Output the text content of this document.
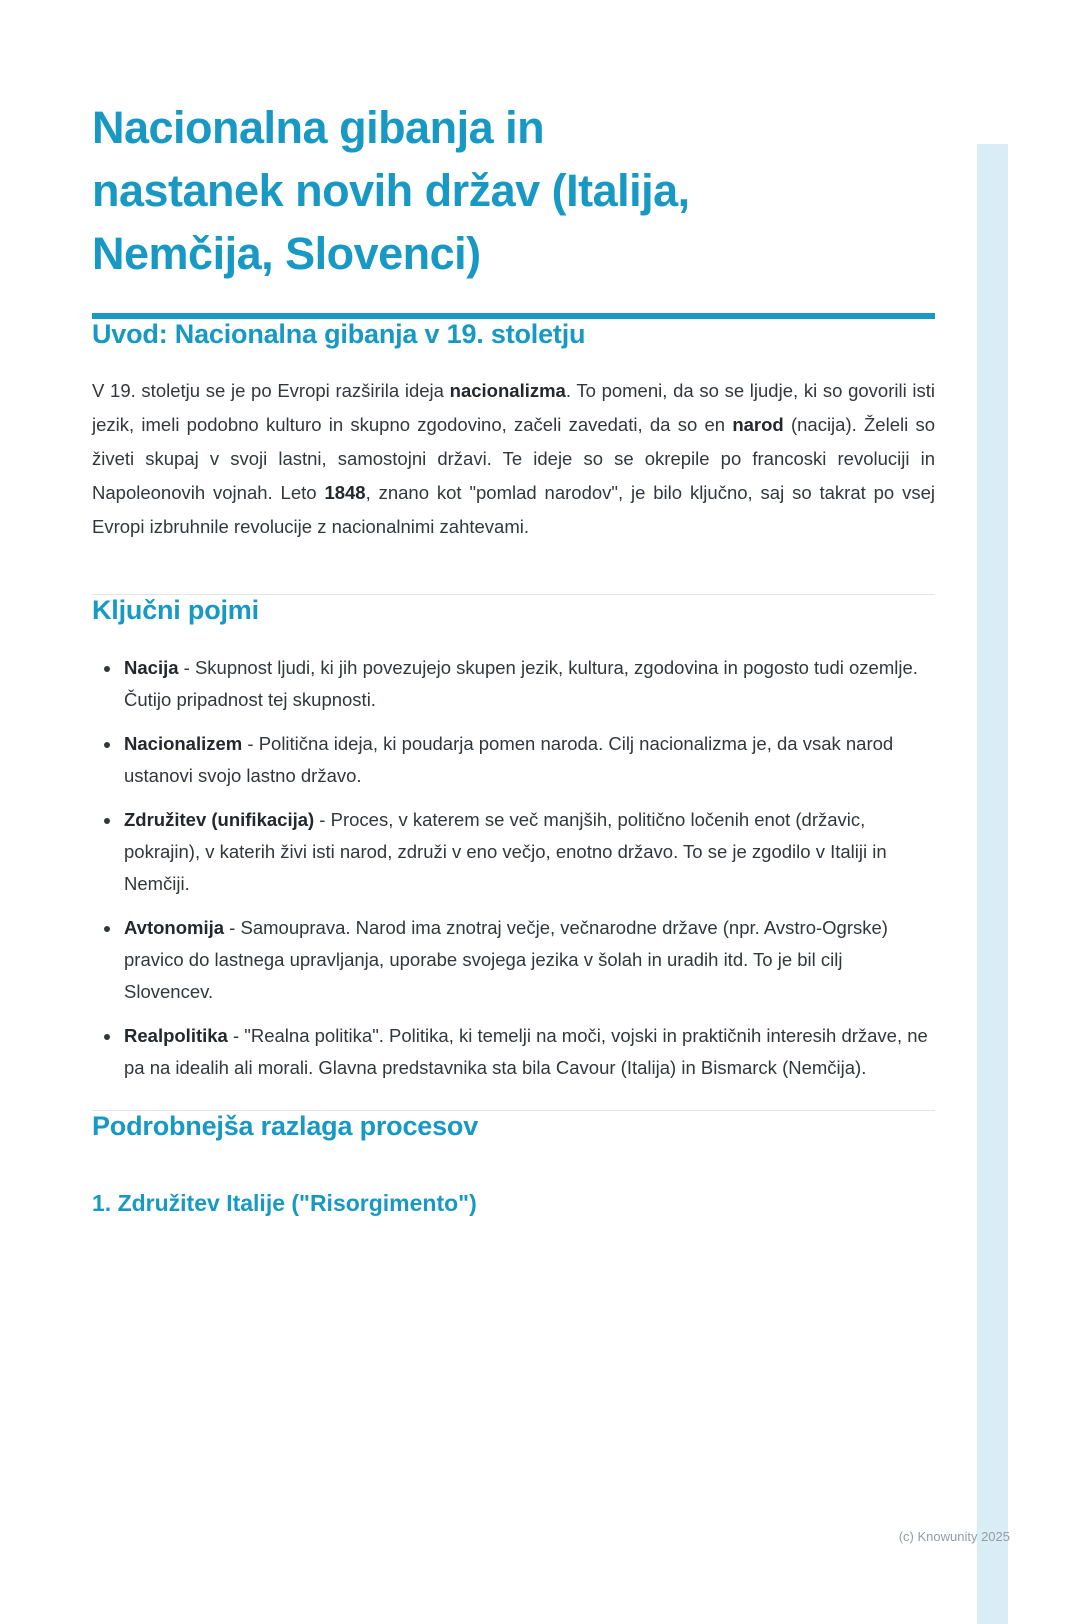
Nacionalna gibanja in
nastanek novih držav (Italija,
Nemčija, Slovenci)
Uvod: Nacionalna gibanja v 19. stoletju

V 19. stoletju se je po Evropi razširila ideja nacionalizma. To pomeni, da so se ljudje, ki so govorili isti jezik, imeli podobno kulturo in skupno zgodovino, začeli zavedati, da so en narod (nacija). Želeli so živeti skupaj v svoji lastni, samostojni državi. Te ideje so se okrepile po francoski revoluciji in Napoleonovih vojnah. Leto 1848, znano kot "pomlad narodov", je bilo ključno, saj so takrat po vsej Evropi izbruhnile revolucije z nacionalnimi zahtevami.

Ključni pojmi
• Nacija - Skupnost ljudi, ki jih povezujejo skupen jezik, kultura, zgodovina in pogosto tudi ozemlje. Čutijo pripadnost tej skupnosti.
• Nacionalizem - Politična ideja, ki poudarja pomen naroda. Cilj nacionalizma je, da vsak narod ustanovi svojo lastno državo.
• Združitev (unifikacija) - Proces, v katerem se več manjših, politično ločenih enot (državic, pokrajin), v katerih živi isti narod, združi v eno večjo, enotno državo. To se je zgodilo v Italiji in Nemčiji.
• Avtonomija - Samouprava. Narod ima znotraj večje, večnarodne države (npr. Avstro-Ogrske) pravico do lastnega upravljanja, uporabe svojega jezika v šolah in uradih itd. To je bil cilj Slovencev.
• Realpolitika - "Realna politika". Politika, ki temelji na moči, vojski in praktičnih interesih države, ne pa na idealih ali morali. Glavna predstavnika sta bila Cavour (Italija) in Bismarck (Nemčija).
Podrobnejša razlaga procesov
1. Združitev Italije ("Risorgimento")
(c) Knowunity 2025
